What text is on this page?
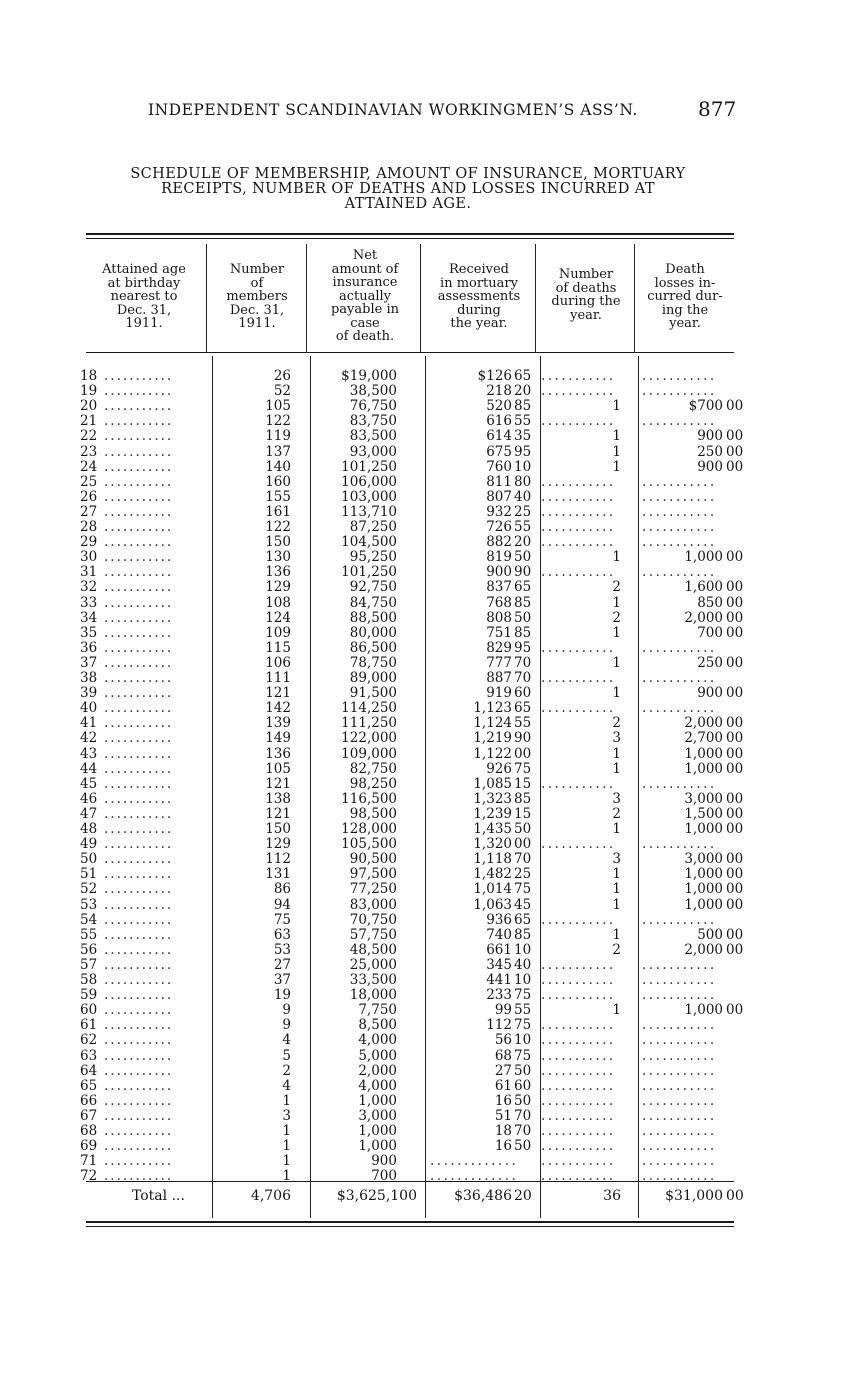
INDEPENDENT SCANDINAVIAN WORKINGMEN’S ASS’N.	877
SCHEDULE OF MEMBERSHIP, AMOUNT OF INSURANCE, MORTUARY
RECEIPTS, NUMBER OF DEATHS AND LOSSES INCURRED AT
ATTAINED AGE.
Attained age
at birthday
nearest to
Dec. 31,
1911.
Number
of
members
Dec. 31,
1911.
Net
amount of
insurance
actually
payable in
case
of death.
Received
in mortuary
assessments
during
the year.
Number
of deaths
during the
year.
Death
losses in-
curred dur-
ing the
year.
18 ...........	26	$19,000	$126 65 ........... ...........
19 ...........	52	38,500	218 20 ........... ...........
20 ...........	105	76,750	520 85	1	$700 00
21 ...........	122	83,750	616 55 ........... ...........
22 ...........	119	83,500	614 35	1	900 00
23 ...........	137	93,000	675 95	1	250 00
24 ...........	140	101,250	760 10	1	900 00
25 ...........	160	106,000	811 80 ........... ...........
26 ...........	155	103,000	807 40 ........... ...........
27 ...........	161	113,710	932 25 ........... ...........
28 ...........	122	87,250	726 55 ........... ...........
29 ...........	150	104,500	882 20 ........... ...........
30 ...........	130	95,250	819 50	1	1,000 00
31 ...........	136	101,250	900 90 ........... ...........
32 ...........	129	92,750	837 65	2	1,600 00
33 ...........	108	84,750	768 85	1	850 00
34 ...........	124	88,500	808 50	2	2,000 00
35 ...........	109	80,000	751 85	1	700 00
36 ...........	115	86,500	829 95 ........... ...........
37 ...........	106	78,750	777 70	1	250 00
38 ...........	111	89,000	887 70 ........... ...........
39 ...........	121	91,500	919 60	1	900 00
40 ...........	142	114,250	1,123 65 ........... ...........
41 ...........	139	111,250	1,124 55	2	2,000 00
42 ...........	149	122,000	1,219 90	3	2,700 00
43 ...........	136	109,000	1,122 00	1	1,000 00
44 ...........	105	82,750	926 75	1	1,000 00
45 ...........	121	98,250	1,085 15 ........... ...........
46 ...........	138	116,500	1,323 85	3	3,000 00
47 ...........	121	98,500	1,239 15	2	1,500 00
48 ...........	150	128,000	1,435 50	1	1,000 00
49 ...........	129	105,500	1,320 00 ........... ...........
50 ...........	112	90,500	1,118 70	3	3,000 00
51 ...........	131	97,500	1,482 25	1	1,000 00
52 ...........	86	77,250	1,014 75	1	1,000 00
53 ...........	94	83,000	1,063 45	1	1,000 00
54 ...........	75	70,750	936 65 ........... ...........
55 ...........	63	57,750	740 85	1	500 00
56 ...........	53	48,500	661 10	2	2,000 00
57 ...........	27	25,000	345 40 ........... ...........
58 ...........	37	33,500	441 10 ........... ...........
59 ...........	19	18,000	233 75 ........... ...........
60 ...........	9	7,750	99 55	1	1,000 00
61 ...........	9	8,500	112 75 ........... ...........
62 ...........	4	4,000	56 10 ........... ...........
63 ...........	5	5,000	68 75 ........... ...........
64 ...........	2	2,000	27 50 ........... ...........
65 ...........	4	4,000	61 60 ........... ...........
66 ...........	1	1,000	16 50 ........... ...........
67 ...........	3	3,000	51 70 ........... ...........
68 ...........	1	1,000	18 70 ........... ...........
69 ...........	1	1,000	16 50 ........... ...........
71 ...........	1	900 ............. ........... ...........
72 ...........	1	700 ............. ........... ...........
Total ...	4,706	$3,625,100	$36,486 20	36	$31,000 00
